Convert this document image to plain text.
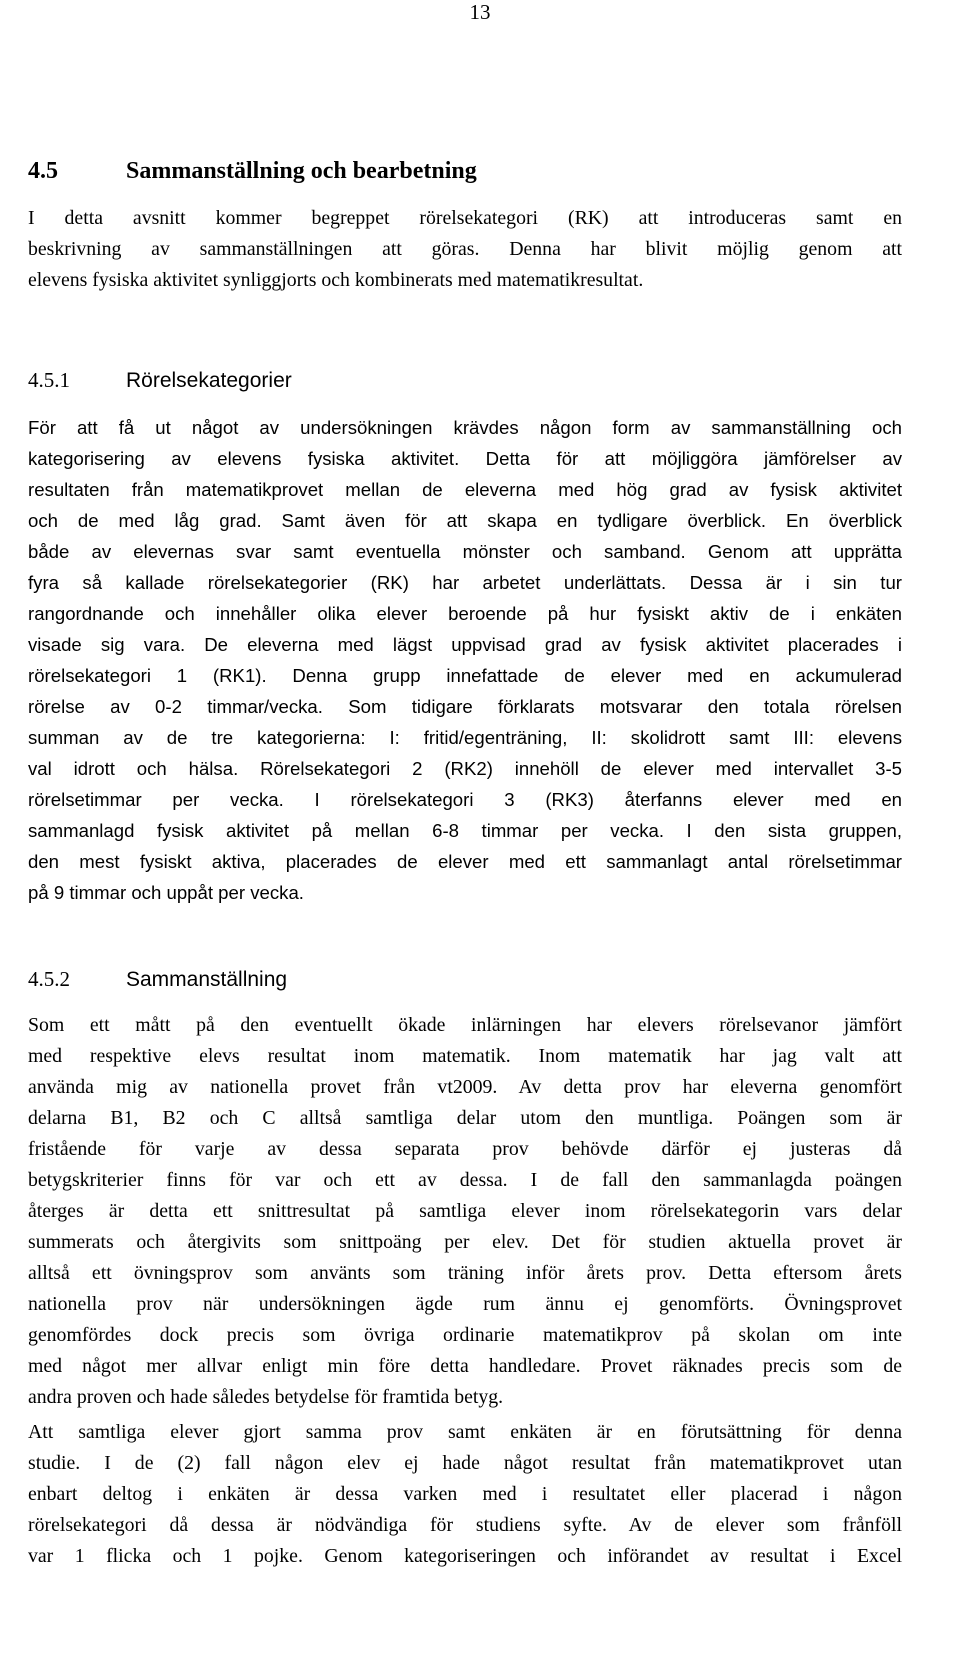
13
4.5	Sammanställning och bearbetning
I detta avsnitt kommer begreppet rörelsekategori (RK) att introduceras samt en
beskrivning av sammanställningen att göras. Denna har blivit möjlig genom att
elevens fysiska aktivitet synliggjorts och kombinerats med matematikresultat.
4.5.1	Rörelsekategorier
För att få ut något av undersökningen krävdes någon form av sammanställning och
kategorisering av elevens fysiska aktivitet. Detta för att möjliggöra jämförelser av
resultaten från matematikprovet mellan de eleverna med hög grad av fysisk aktivitet
och de med låg grad. Samt även för att skapa en tydligare överblick. En överblick
både av elevernas svar samt eventuella mönster och samband. Genom att upprätta
fyra så kallade rörelsekategorier (RK) har arbetet underlättats. Dessa är i sin tur
rangordnande och innehåller olika elever beroende på hur fysiskt aktiv de i enkäten
visade sig vara. De eleverna med lägst uppvisad grad av fysisk aktivitet placerades i
rörelsekategori 1 (RK1). Denna grupp innefattade de elever med en ackumulerad
rörelse av 0-2 timmar/vecka. Som tidigare förklarats motsvarar den totala rörelsen
summan av de tre kategorierna: I: fritid/egenträning, II: skolidrott samt III: elevens
val idrott och hälsa. Rörelsekategori 2 (RK2) innehöll de elever med intervallet 3-5
rörelsetimmar per vecka. I rörelsekategori 3 (RK3) återfanns elever med en
sammanlagd fysisk aktivitet på mellan 6-8 timmar per vecka. I den sista gruppen,
den mest fysiskt aktiva, placerades de elever med ett sammanlagt antal rörelsetimmar
på 9 timmar och uppåt per vecka.
4.5.2	Sammanställning
Som ett mått på den eventuellt ökade inlärningen har elevers rörelsevanor jämfört
med respektive elevs resultat inom matematik. Inom matematik har jag valt att
använda mig av nationella provet från vt2009. Av detta prov har eleverna genomfört
delarna B1, B2 och C alltså samtliga delar utom den muntliga. Poängen som är
fristående för varje av dessa separata prov behövde därför ej justeras då
betygskriterier finns för var och ett av dessa. I de fall den sammanlagda poängen
återges är detta ett snittresultat på samtliga elever inom rörelsekategorin vars delar
summerats och återgivits som snittpoäng per elev. Det för studien aktuella provet är
alltså ett övningsprov som använts som träning inför årets prov. Detta eftersom årets
nationella prov när undersökningen ägde rum ännu ej genomförts. Övningsprovet
genomfördes dock precis som övriga ordinarie matematikprov på skolan om inte
med något mer allvar enligt min före detta handledare. Provet räknades precis som de
andra proven och hade således betydelse för framtida betyg.
Att samtliga elever gjort samma prov samt enkäten är en förutsättning för denna
studie. I de (2) fall någon elev ej hade något resultat från matematikprovet utan
enbart deltog i enkäten är dessa varken med i resultatet eller placerad i någon
rörelsekategori då dessa är nödvändiga för studiens syfte. Av de elever som frånföll
var 1 flicka och 1 pojke. Genom kategoriseringen och införandet av resultat i Excel
